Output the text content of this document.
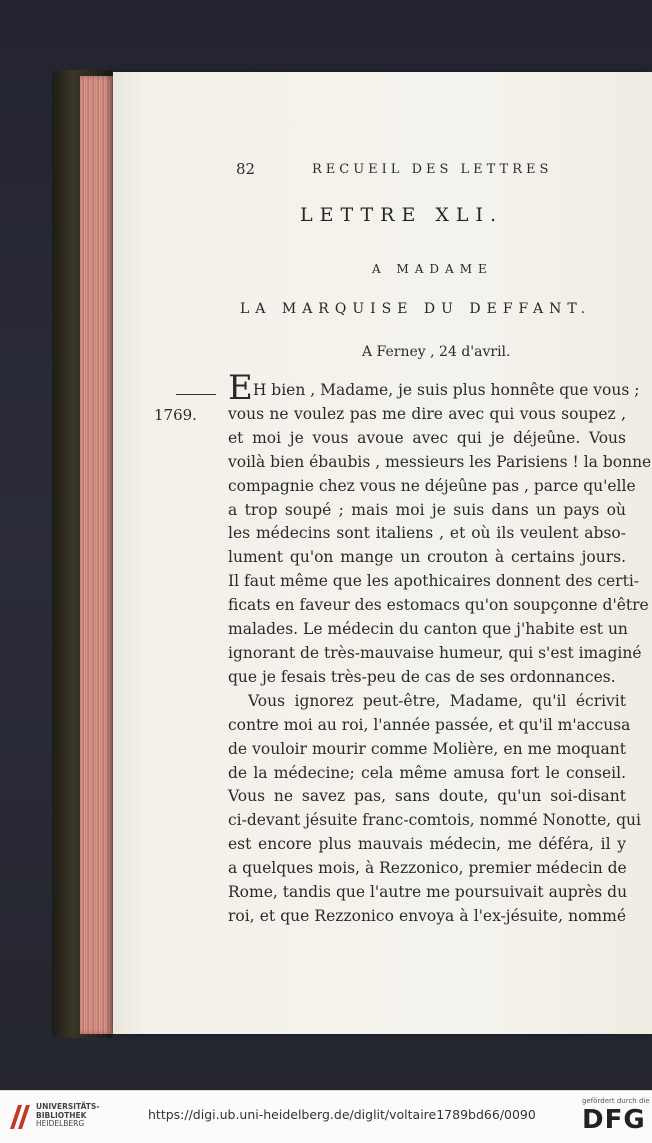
82	RECUEIL DES LETTRES
LETTRE XLI.
A MADAME
LA MARQUISE DU DEFFANT.
A Ferney , 24 d'avril.
1769.
EH bien , Madame, je suis plus honnête que vous ;
vous ne voulez pas me dire avec qui vous soupez ,
et moi je vous avoue avec qui je déjeûne. Vous
voilà bien ébaubis , messieurs les Parisiens ! la bonne
compagnie chez vous ne déjeûne pas , parce qu'elle
a trop soupé ; mais moi je suis dans un pays où
les médecins sont italiens , et où ils veulent abso-
lument qu'on mange un crouton à certains jours.
Il faut même que les apothicaires donnent des certi-
ficats en faveur des estomacs qu'on soupçonne d'être
malades. Le médecin du canton que j'habite est un
ignorant de très-mauvaise humeur, qui s'est imaginé
que je fesais très-peu de cas de ses ordonnances.
Vous ignorez peut-être, Madame, qu'il écrivit
contre moi au roi, l'année passée, et qu'il m'accusa
de vouloir mourir comme Molière, en me moquant
de la médecine; cela même amusa fort le conseil.
Vous ne savez pas, sans doute, qu'un soi-disant
ci-devant jésuite franc-comtois, nommé Nonotte, qui
est encore plus mauvais médecin, me déféra, il y
a quelques mois, à Rezzonico, premier médecin de
Rome, tandis que l'autre me poursuivait auprès du
roi, et que Rezzonico envoya à l'ex-jésuite, nommé
UNIVERSITÄTS-
BIBLIOTHEK
HEIDELBERG
https://digi.ub.uni-heidelberg.de/diglit/voltaire1789bd66/0090
gefördert durch die
DFG
